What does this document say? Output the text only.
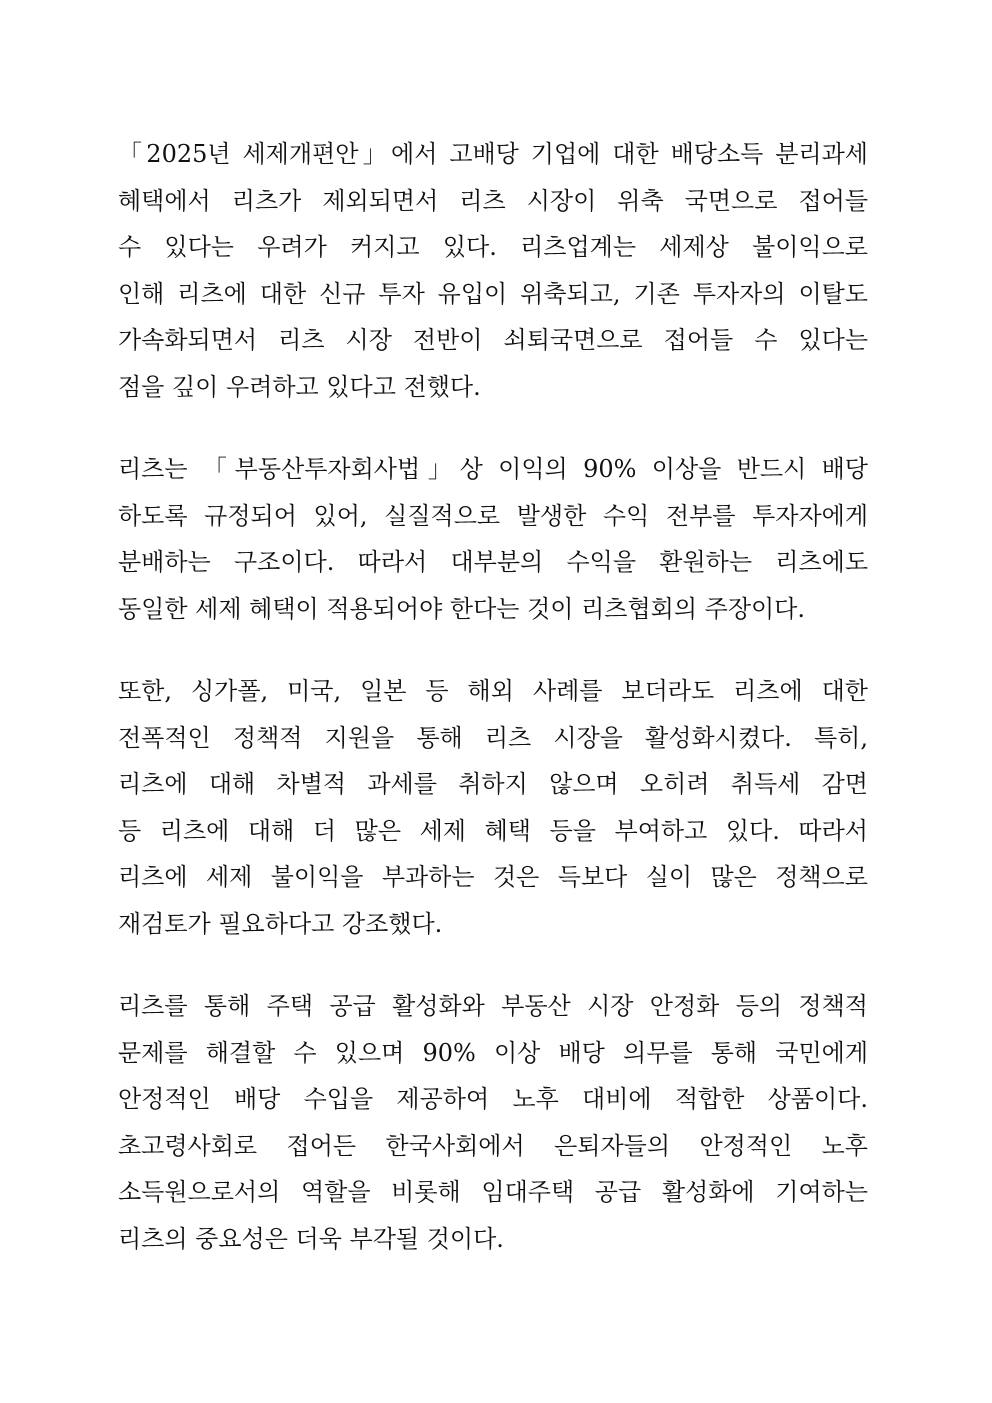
「2025년 세제개편안」에서 고배당 기업에 대한 배당소득 분리과세
혜택에서 리츠가 제외되면서 리츠 시장이 위축 국면으로 접어들
수 있다는 우려가 커지고 있다. 리츠업계는 세제상 불이익으로
인해 리츠에 대한 신규 투자 유입이 위축되고, 기존 투자자의 이탈도
가속화되면서 리츠 시장 전반이 쇠퇴국면으로 접어들 수 있다는
점을 깊이 우려하고 있다고 전했다.
리츠는 「부동산투자회사법」상 이익의 90% 이상을 반드시 배당
하도록 규정되어 있어, 실질적으로 발생한 수익 전부를 투자자에게
분배하는 구조이다. 따라서 대부분의 수익을 환원하는 리츠에도
동일한 세제 혜택이 적용되어야 한다는 것이 리츠협회의 주장이다.
또한, 싱가폴, 미국, 일본 등 해외 사례를 보더라도 리츠에 대한
전폭적인 정책적 지원을 통해 리츠 시장을 활성화시켰다. 특히,
리츠에 대해 차별적 과세를 취하지 않으며 오히려 취득세 감면
등 리츠에 대해 더 많은 세제 혜택 등을 부여하고 있다. 따라서
리츠에 세제 불이익을 부과하는 것은 득보다 실이 많은 정책으로
재검토가 필요하다고 강조했다.
리츠를 통해 주택 공급 활성화와 부동산 시장 안정화 등의 정책적
문제를 해결할 수 있으며 90% 이상 배당 의무를 통해 국민에게
안정적인 배당 수입을 제공하여 노후 대비에 적합한 상품이다.
초고령사회로 접어든 한국사회에서 은퇴자들의 안정적인 노후
소득원으로서의 역할을 비롯해 임대주택 공급 활성화에 기여하는
리츠의 중요성은 더욱 부각될 것이다.
